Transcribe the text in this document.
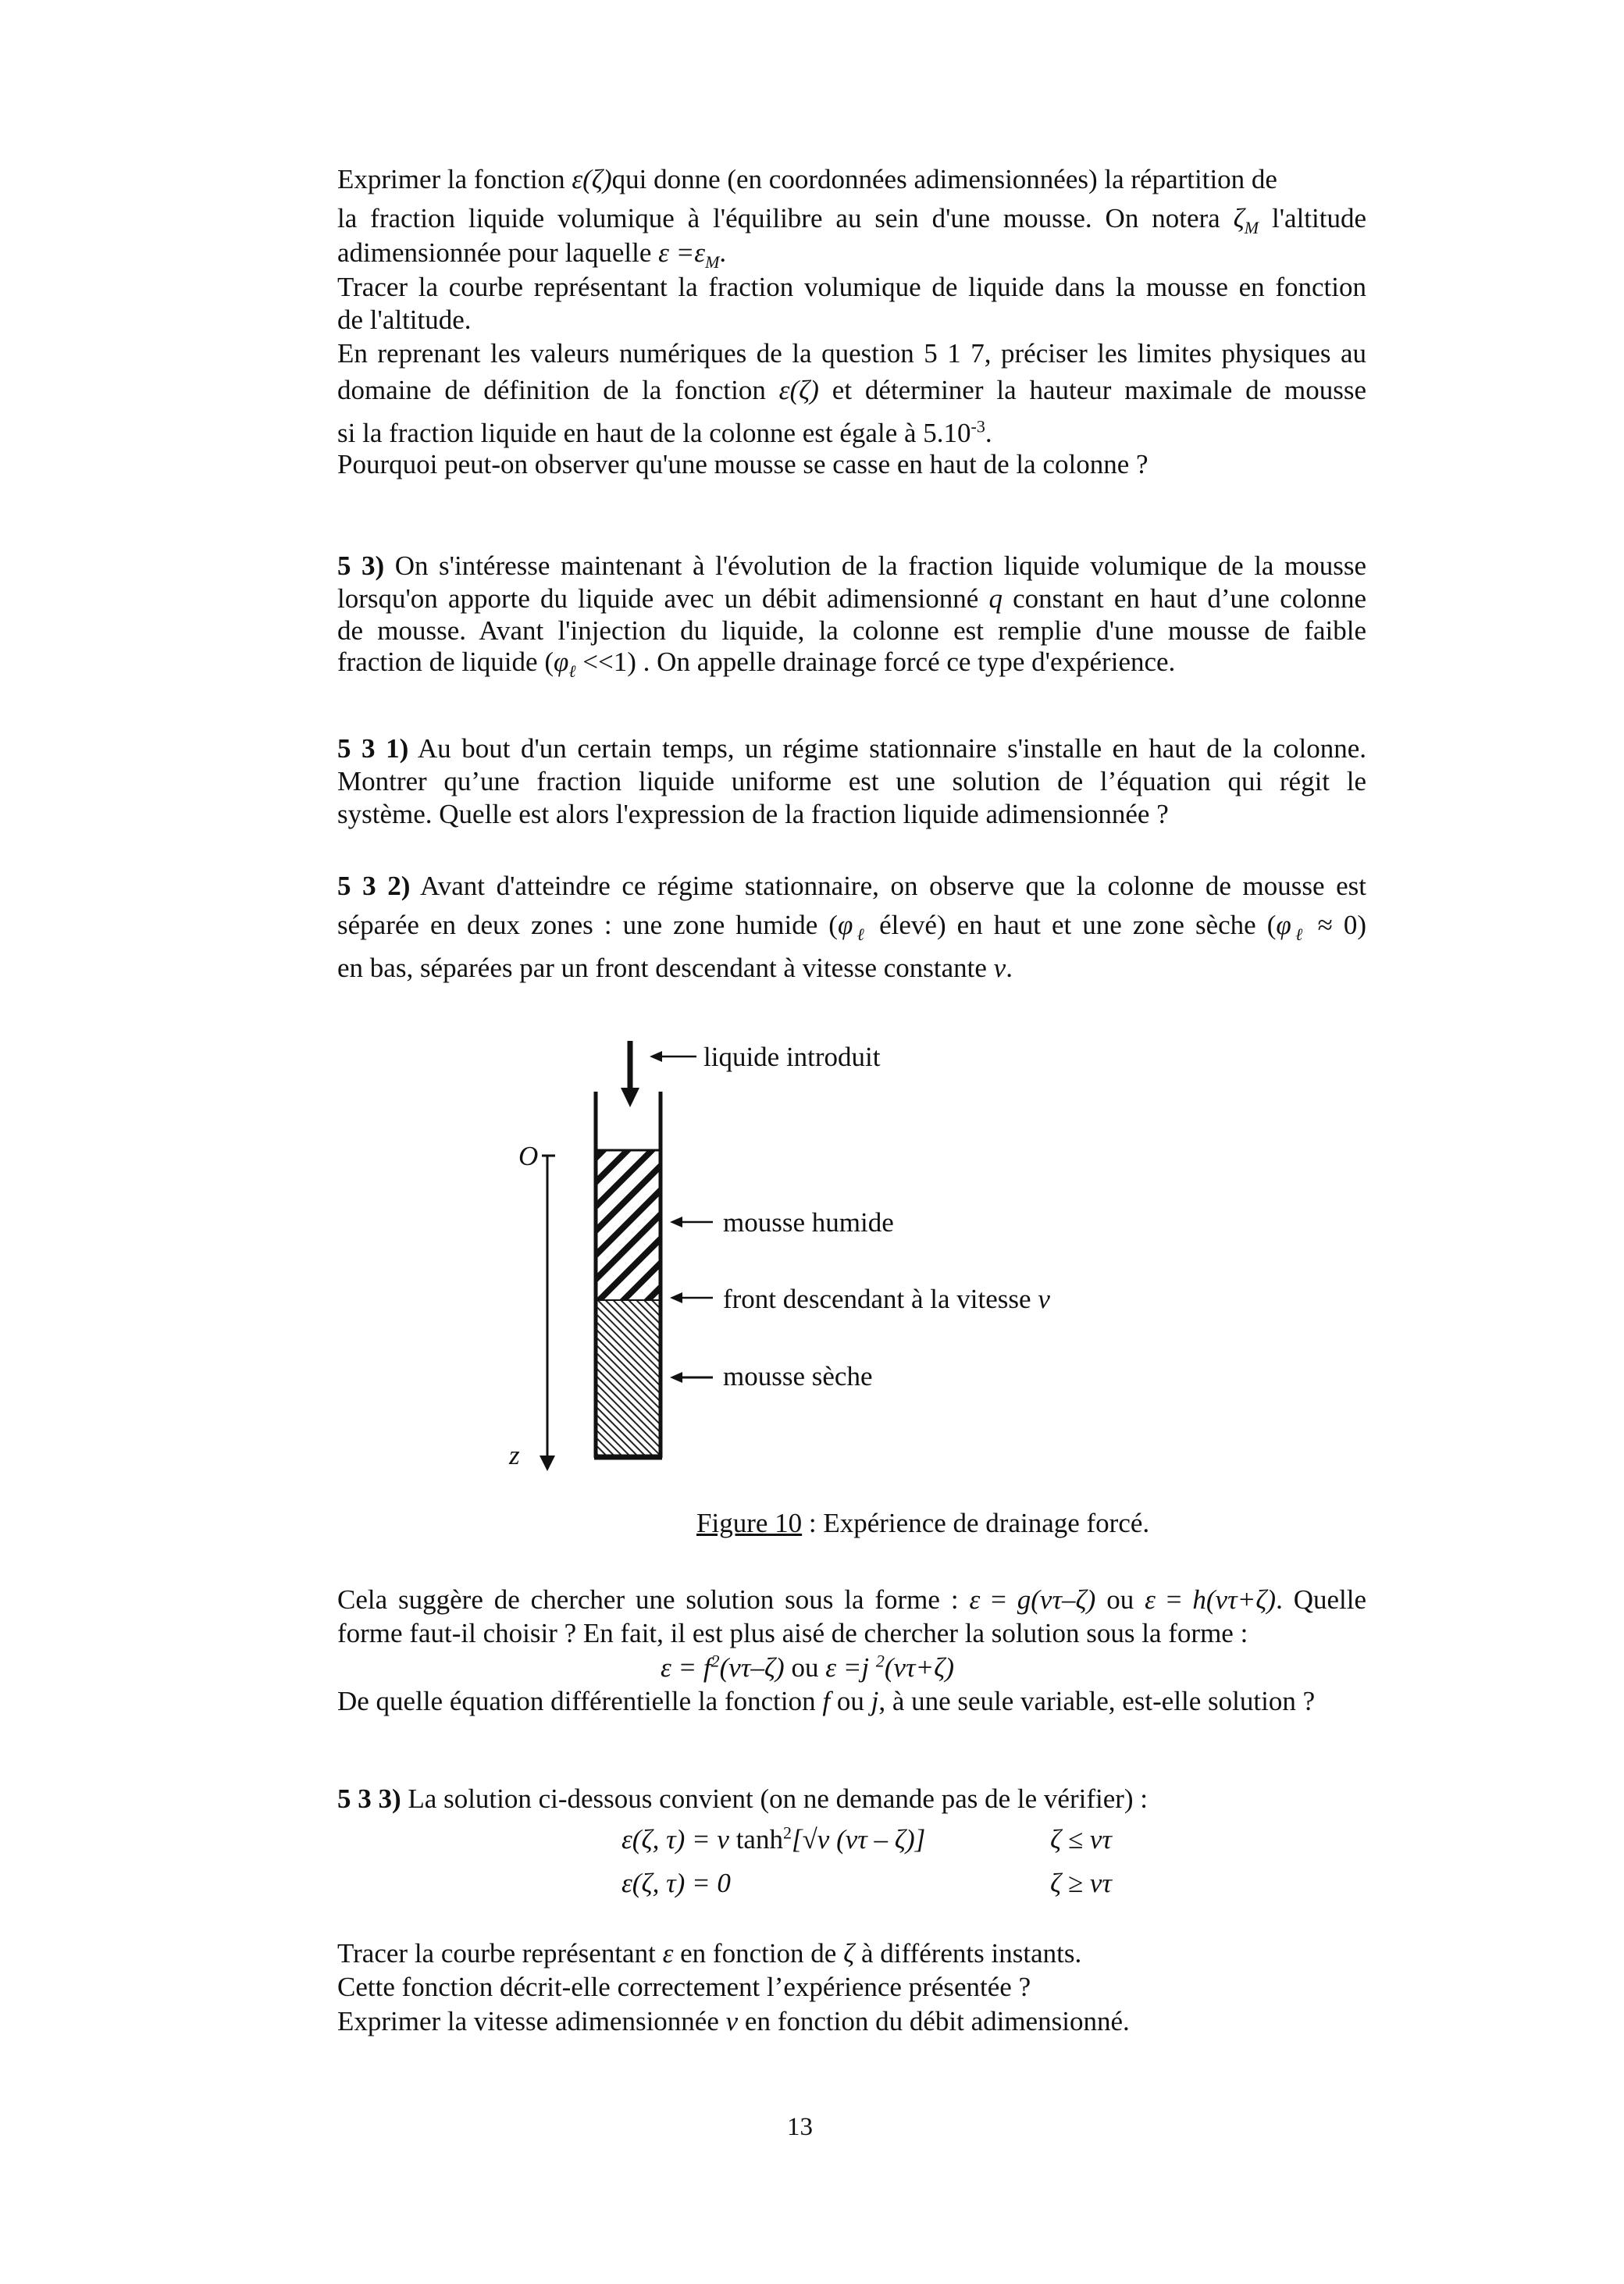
Exprimer la fonction ε(ζ)qui donne (en coordonnées adimensionnées) la répartition de
la fraction liquide volumique à l'équilibre au sein d'une mousse. On notera $\zeta_M$ l'altitude
adimensionnée pour laquelle $\varepsilon =\varepsilon_M$.
Tracer la courbe représentant la fraction volumique de liquide dans la mousse en fonction
de l'altitude.
En reprenant les valeurs numériques de la question 5 1 7, préciser les limites physiques au
domaine de définition de la fonction ε(ζ) et déterminer la hauteur maximale de mousse
si la fraction liquide en haut de la colonne est égale à $5.10^{-3}$.
Pourquoi peut-on observer qu'une mousse se casse en haut de la colonne ?
5 3) On s'intéresse maintenant à l'évolution de la fraction liquide volumique de la mousse
lorsqu'on apporte du liquide avec un débit adimensionné q constant en haut d’une colonne
de mousse. Avant l'injection du liquide, la colonne est remplie d'une mousse de faible
fraction de liquide $(\varphi_\ell <<1)$ . On appelle drainage forcé ce type d'expérience.
5 3 1) Au bout d'un certain temps, un régime stationnaire s'installe en haut de la colonne.
Montrer qu’une fraction liquide uniforme est une solution de l’équation qui régit le
système. Quelle est alors l'expression de la fraction liquide adimensionnée ?
5 3 2) Avant d'atteindre ce régime stationnaire, on observe que la colonne de mousse est
séparée en deux zones : une zone humide ($\varphi_\ell$ élevé) en haut et une zone sèche $(\varphi_\ell \approx 0)$
en bas, séparées par un front descendant à vitesse constante v.
liquide introduit
mousse humide
front descendant à la vitesse v
mousse sèche
O
z
Figure 10 : Expérience de drainage forcé.
Cela suggère de chercher une solution sous la forme : ε = g(vτ–ζ) ou ε = h(vτ+ζ). Quelle
forme faut-il choisir ? En fait, il est plus aisé de chercher la solution sous la forme :
$\varepsilon = f^2(v\tau-\zeta)$ ou ε =j $^2$(vτ+ζ)
De quelle équation différentielle la fonction f ou j, à une seule variable, est-elle solution ?
5 3 3) La solution ci-dessous convient (on ne demande pas de le vérifier) :
ε(ζ, τ) = v $\tanh^2[√v$ (vτ – ζ)]	ζ ≤ vτ
ε(ζ, τ) = 0	ζ ≥ vτ
Tracer la courbe représentant ε en fonction de ζ à différents instants.
Cette fonction décrit-elle correctement l’expérience présentée ?
Exprimer la vitesse adimensionnée v en fonction du débit adimensionné.
13
